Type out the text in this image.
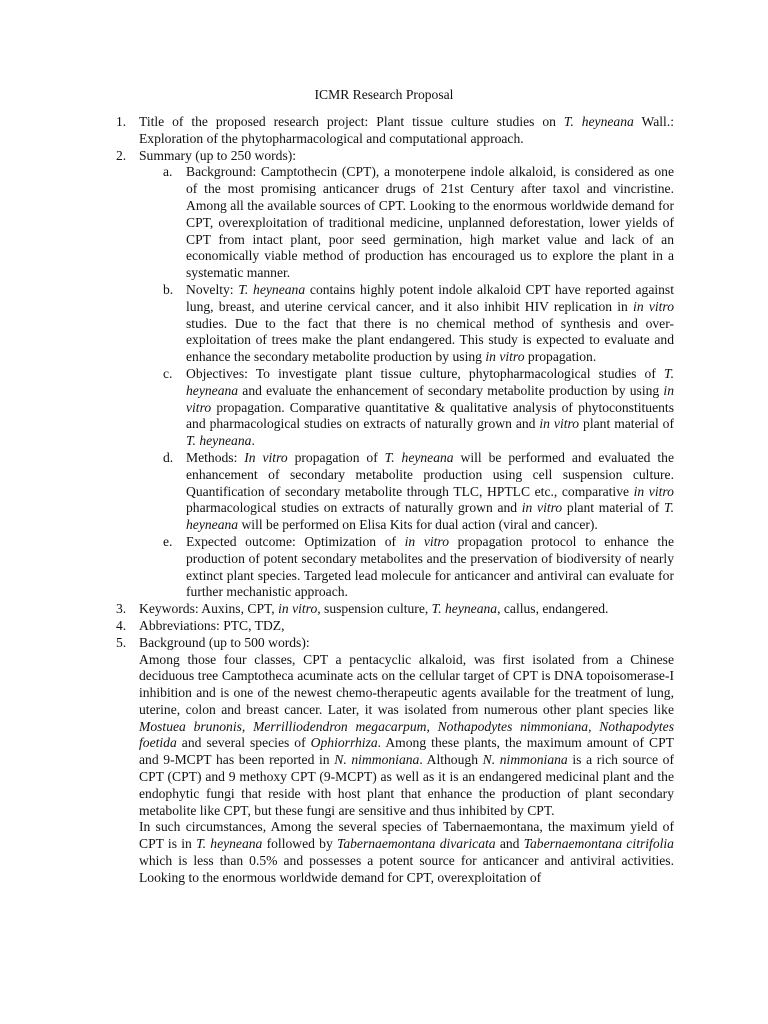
ICMR Research Proposal
1. Title of the proposed research project: Plant tissue culture studies on T. heyneana Wall.: Exploration of the phytopharmacological and computational approach.
2. Summary (up to 250 words):
a. Background: Camptothecin (CPT), a monoterpene indole alkaloid, is considered as one of the most promising anticancer drugs of 21st Century after taxol and vincristine. Among all the available sources of CPT. Looking to the enormous worldwide demand for CPT, overexploitation of traditional medicine, unplanned deforestation, lower yields of CPT from intact plant, poor seed germination, high market value and lack of an economically viable method of production has encouraged us to explore the plant in a systematic manner.
b. Novelty: T. heyneana contains highly potent indole alkaloid CPT have reported against lung, breast, and uterine cervical cancer, and it also inhibit HIV replication in in vitro studies. Due to the fact that there is no chemical method of synthesis and over-exploitation of trees make the plant endangered. This study is expected to evaluate and enhance the secondary metabolite production by using in vitro propagation.
c. Objectives: To investigate plant tissue culture, phytopharmacological studies of T. heyneana and evaluate the enhancement of secondary metabolite production by using in vitro propagation. Comparative quantitative & qualitative analysis of phytoconstituents and pharmacological studies on extracts of naturally grown and in vitro plant material of T. heyneana.
d. Methods: In vitro propagation of T. heyneana will be performed and evaluated the enhancement of secondary metabolite production using cell suspension culture. Quantification of secondary metabolite through TLC, HPTLC etc., comparative in vitro pharmacological studies on extracts of naturally grown and in vitro plant material of T. heyneana will be performed on Elisa Kits for dual action (viral and cancer).
e. Expected outcome: Optimization of in vitro propagation protocol to enhance the production of potent secondary metabolites and the preservation of biodiversity of nearly extinct plant species. Targeted lead molecule for anticancer and antiviral can evaluate for further mechanistic approach.
3. Keywords: Auxins, CPT, in vitro, suspension culture, T. heyneana, callus, endangered.
4. Abbreviations: PTC, TDZ,
5. Background (up to 500 words):
Among those four classes, CPT a pentacyclic alkaloid, was first isolated from a Chinese deciduous tree Camptotheca acuminate acts on the cellular target of CPT is DNA topoisomerase-I inhibition and is one of the newest chemo-therapeutic agents available for the treatment of lung, uterine, colon and breast cancer. Later, it was isolated from numerous other plant species like Mostuea brunonis, Merrilliodendron megacarpum, Nothapodytes nimmoniana, Nothapodytes foetida and several species of Ophiorrhiza. Among these plants, the maximum amount of CPT and 9-MCPT has been reported in N. nimmoniana. Although N. nimmoniana is a rich source of CPT (CPT) and 9 methoxy CPT (9-MCPT) as well as it is an endangered medicinal plant and the endophytic fungi that reside with host plant that enhance the production of plant secondary metabolite like CPT, but these fungi are sensitive and thus inhibited by CPT.
In such circumstances, Among the several species of Tabernaemontana, the maximum yield of CPT is in T. heyneana followed by Tabernaemontana divaricata and Tabernaemontana citrifolia which is less than 0.5% and possesses a potent source for anticancer and antiviral activities. Looking to the enormous worldwide demand for CPT, overexploitation of
